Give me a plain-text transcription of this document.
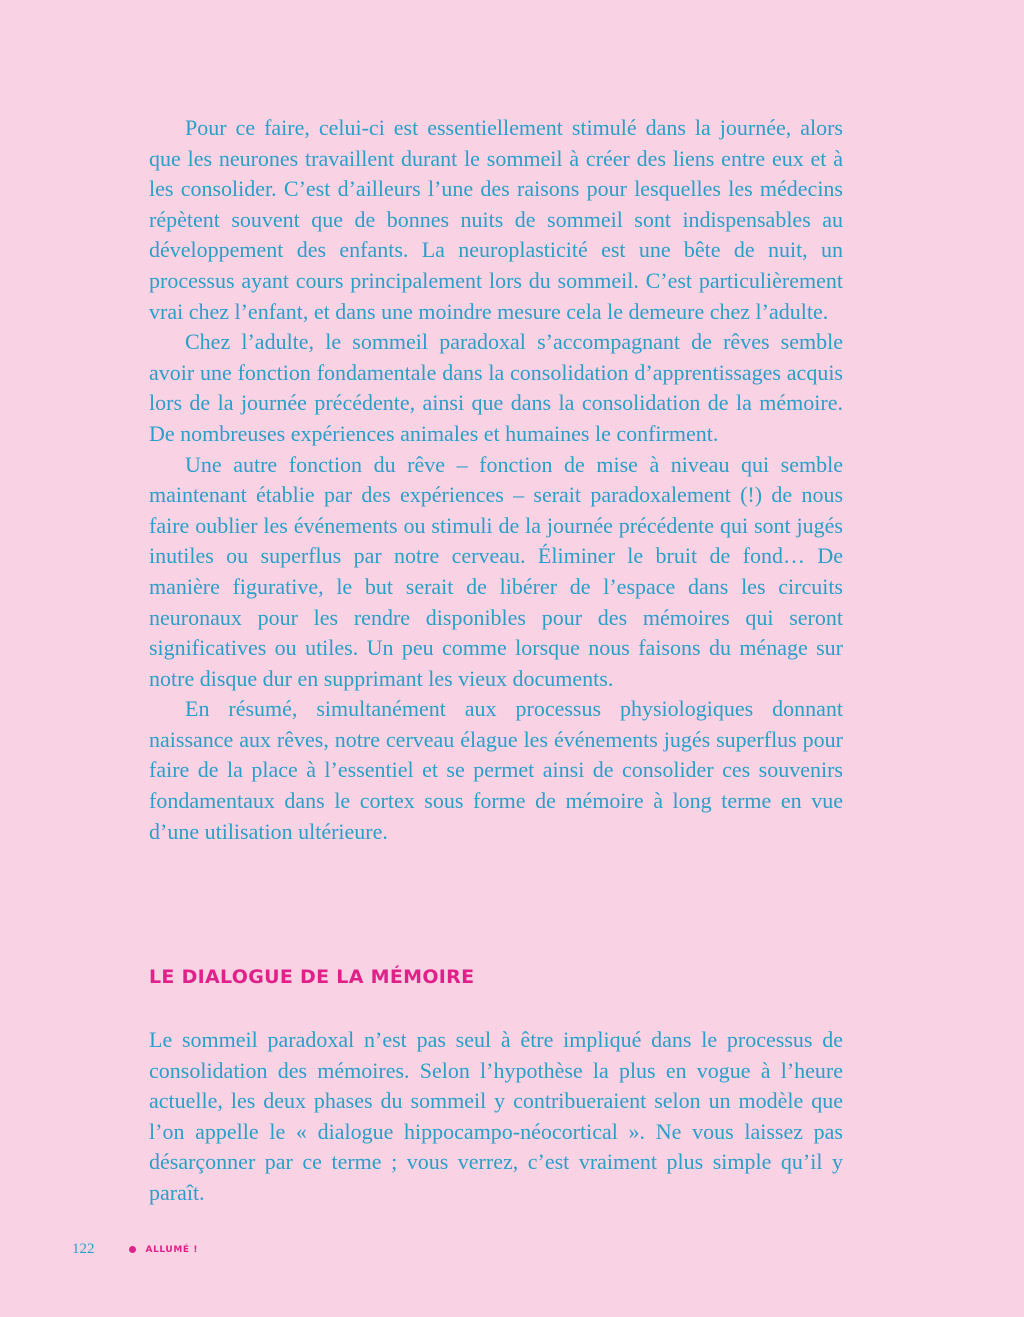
Pour ce faire, celui-ci est essentiellement stimulé dans la journée, alors que les neurones travaillent durant le sommeil à créer des liens entre eux et à les consolider. C’est d’ailleurs l’une des raisons pour lesquelles les médecins répètent souvent que de bonnes nuits de sommeil sont indispensables au développement des enfants. La neuroplasticité est une bête de nuit, un processus ayant cours principalement lors du sommeil. C’est particulièrement vrai chez l’enfant, et dans une moindre mesure cela le demeure chez l’adulte.

Chez l’adulte, le sommeil paradoxal s’accompagnant de rêves semble avoir une fonction fondamentale dans la consolidation d’apprentissages acquis lors de la journée précédente, ainsi que dans la consolidation de la mémoire. De nombreuses expériences animales et humaines le confirment.

Une autre fonction du rêve – fonction de mise à niveau qui semble maintenant établie par des expériences – serait paradoxalement (!) de nous faire oublier les événements ou stimuli de la journée précédente qui sont jugés inutiles ou superflus par notre cerveau. Éliminer le bruit de fond… De manière figurative, le but serait de libérer de l’espace dans les circuits neuronaux pour les rendre disponibles pour des mémoires qui seront significatives ou utiles. Un peu comme lorsque nous faisons du ménage sur notre disque dur en supprimant les vieux documents.

En résumé, simultanément aux processus physiologiques donnant naissance aux rêves, notre cerveau élague les événements jugés superflus pour faire de la place à l’essentiel et se permet ainsi de consolider ces souvenirs fondamentaux dans le cortex sous forme de mémoire à long terme en vue d’une utilisation ultérieure.

LE DIALOGUE DE LA MÉMOIRE

Le sommeil paradoxal n’est pas seul à être impliqué dans le processus de consolidation des mémoires. Selon l’hypothèse la plus en vogue à l’heure actuelle, les deux phases du sommeil y contribueraient selon un modèle que l’on appelle le « dialogue hippocampo-néocortical ». Ne vous laissez pas désarçonner par ce terme ; vous verrez, c’est vraiment plus simple qu’il y paraît.

122	ALLUMÉ !
